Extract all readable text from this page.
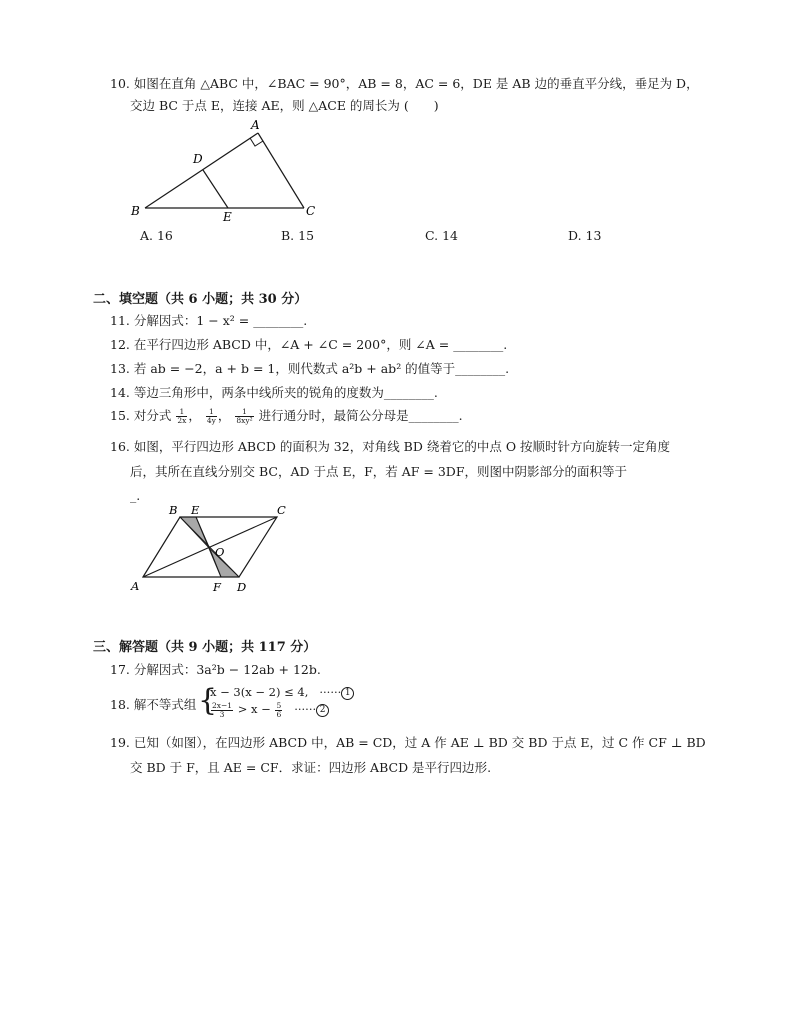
10. 如图在直角 △ABC 中，∠BAC = 90°，AB = 8，AC = 6，DE 是 AB 边的垂直平分线，垂足为 D，
交边 BC 于点 E，连接 AE，则 △ACE 的周长为 (　　)
A
B	C
D
E
A. 16	B. 15	C. 14	D. 13
二、填空题（共 6 小题；共 30 分）
11. 分解因式：1 − x² = ________.
12. 在平行四边形 ABCD 中，∠A + ∠C = 200°，则 ∠A = ________.
13. 若 ab = −2，a + b = 1，则代数式 a²b + ab² 的值等于________.
14. 等边三角形中，两条中线所夹的锐角的度数为________.
15. 对分式 $\frac{1}{2x}$ ， $\frac{1}{4y}$ ， $\frac{1}{\text{8xy²}}$ 进行通分时，最简公分母是________.
16. 如图，平行四边形 ABCD 的面积为 32，对角线 BD 绕着它的中点 O 按顺时针方向旋转一定角度
后，其所在直线分别交 BC，AD 于点 E，F，若 AF = 3DF，则图中阴影部分的面积等于
_.
B E	C
O
A	F D
三、解答题（共 9 小题；共 117 分）
17. 分解因式：3a²b − 12ab + 12b.
18. 解不等式组 {
x − 3(x − 2) ≤ 4, ······ 1
$\frac{2x-1}{3} > x - \frac{5}{6}$ ······ 2
19. 已知（如图），在四边形 ABCD 中，AB = CD，过 A 作 AE ⊥ BD 交 BD 于点 E，过 C 作 CF ⊥ BD
交 BD 于 F，且 AE = CF．求证：四边形 ABCD 是平行四边形.
